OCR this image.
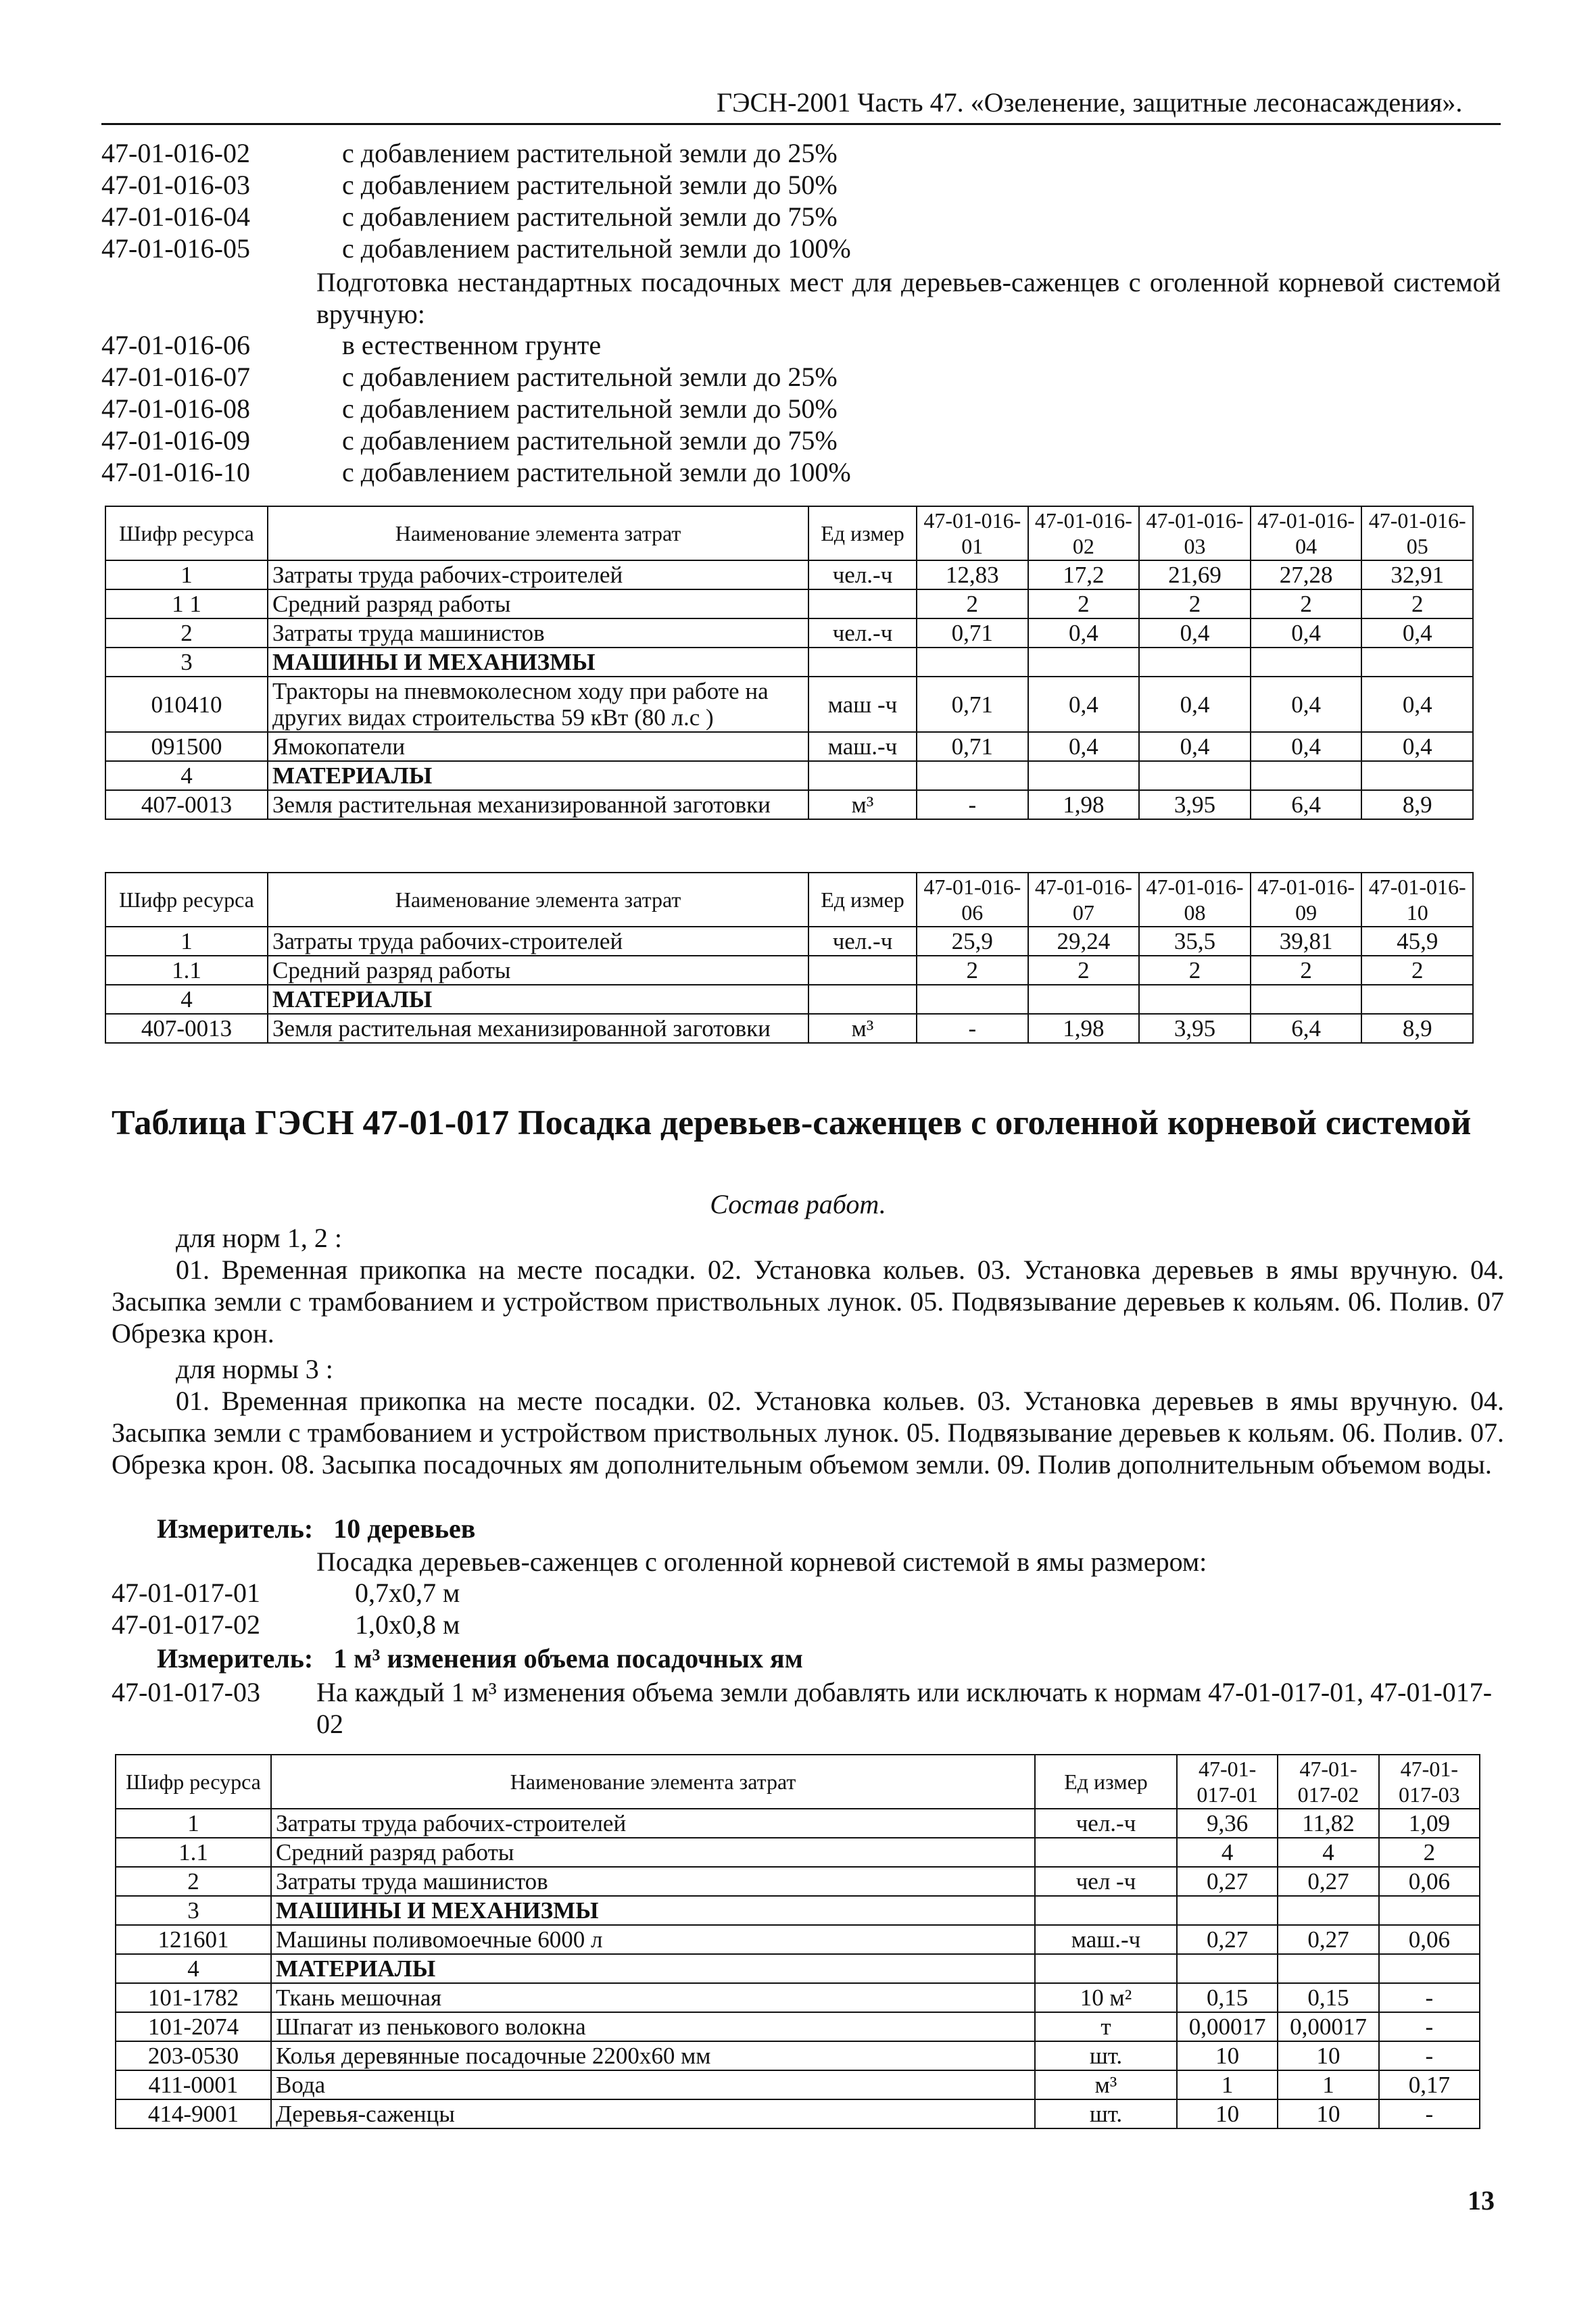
ГЭСН-2001 Часть 47. «Озеленение, защитные лесонасаждения».
47-01-016-02	с добавлением растительной земли до 25%
47-01-016-03	с добавлением растительной земли до 50%
47-01-016-04	с добавлением растительной земли до 75%
47-01-016-05	с добавлением растительной земли до 100%
Подготовка нестандартных посадочных мест для деревьев-саженцев с оголенной корневой системой вручную:
47-01-016-06	в естественном грунте
47-01-016-07	с добавлением растительной земли до 25%
47-01-016-08	с добавлением растительной земли до 50%
47-01-016-09	с добавлением растительной земли до 75%
47-01-016-10	с добавлением растительной земли до 100%
Шифр ресурса	Наименование элемента затрат	Ед измер	47-01-016-01	47-01-016-02	47-01-016-03	47-01-016-04	47-01-016-05
1	Затраты труда рабочих-строителей	чел.-ч	12,83	17,2	21,69	27,28	32,91
1 1	Средний разряд работы		2	2	2	2	2
2	Затраты труда машинистов	чел.-ч	0,71	0,4	0,4	0,4	0,4
3	МАШИНЫ И МЕХАНИЗМЫ						
010410	Тракторы на пневмоколесном ходу при работе на других видах строительства 59 кВт (80 л.с )	маш -ч	0,71	0,4	0,4	0,4	0,4
091500	Ямокопатели	маш.-ч	0,71	0,4	0,4	0,4	0,4
4	МАТЕРИАЛЫ						
407-0013	Земля растительная механизированной заготовки	м³	-	1,98	3,95	6,4	8,9
Шифр ресурса	Наименование элемента затрат	Ед измер	47-01-016-06	47-01-016-07	47-01-016-08	47-01-016-09	47-01-016-10
1	Затраты труда рабочих-строителей	чел.-ч	25,9	29,24	35,5	39,81	45,9
1.1	Средний разряд работы		2	2	2	2	2
4	МАТЕРИАЛЫ						
407-0013	Земля растительная механизированной заготовки	м³	-	1,98	3,95	6,4	8,9
Таблица ГЭСН 47-01-017 Посадка деревьев-саженцев с оголенной корневой системой
Состав работ.
для норм 1, 2 :
01. Временная прикопка на месте посадки. 02. Установка кольев. 03. Установка деревьев в ямы вручную. 04. Засыпка земли с трамбованием и устройством приствольных лунок. 05. Подвязывание деревьев к кольям. 06. Полив. 07 Обрезка крон.
для нормы 3 :
01. Временная прикопка на месте посадки. 02. Установка кольев. 03. Установка деревьев в ямы вручную. 04. Засыпка земли с трамбованием и устройством приствольных лунок. 05. Подвязывание деревьев к кольям. 06. Полив. 07. Обрезка крон. 08. Засыпка посадочных ям дополнительным объемом земли. 09. Полив дополнительным объемом воды.
Измеритель: 10 деревьев
Посадка деревьев-саженцев с оголенной корневой системой в ямы размером:
47-01-017-01	0,7х0,7 м
47-01-017-02	1,0х0,8 м
Измеритель: 1 м³ изменения объема посадочных ям
47-01-017-03 На каждый 1 м³ изменения объема земли добавлять или исключать к нормам 47-01-017-01, 47-01-017-02
Шифр ресурса	Наименование элемента затрат	Ед измер	47-01-017-01	47-01-017-02	47-01-017-03
1	Затраты труда рабочих-строителей	чел.-ч	9,36	11,82	1,09
1.1	Средний разряд работы		4	4	2
2	Затраты труда машинистов	чел -ч	0,27	0,27	0,06
3	МАШИНЫ И МЕХАНИЗМЫ				
121601	Машины поливомоечные 6000 л	маш.-ч	0,27	0,27	0,06
4	МАТЕРИАЛЫ				
101-1782	Ткань мешочная	10 м²	0,15	0,15	-
101-2074	Шпагат из пенькового волокна	т	0,00017	0,00017	-
203-0530	Колья деревянные посадочные 2200х60 мм	шт.	10	10	-
411-0001	Вода	м³	1	1	0,17
414-9001	Деревья-саженцы	шт.	10	10	-
13
